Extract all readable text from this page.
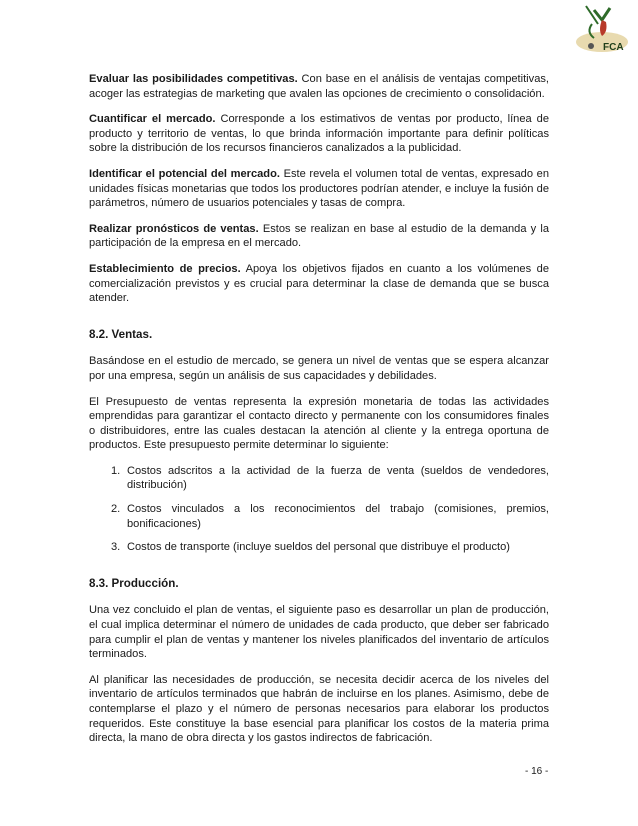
FCA

Evaluar las posibilidades competitivas. Con base en el análisis de ventajas competitivas, acoger las estrategias de marketing que avalen las opciones de crecimiento o consolidación.

Cuantificar el mercado. Corresponde a los estimativos de ventas por producto, línea de producto y territorio de ventas, lo que brinda información importante para definir políticas sobre la distribución de los recursos financieros canalizados a la publicidad.

Identificar el potencial del mercado. Este revela el volumen total de ventas, expresado en unidades físicas monetarias que todos los productores podrían atender, e incluye la fusión de parámetros, número de usuarios potenciales y tasas de compra.

Realizar pronósticos de ventas. Estos se realizan en base al estudio de la demanda y la participación de la empresa en el mercado.

Establecimiento de precios. Apoya los objetivos fijados en cuanto a los volúmenes de comercialización previstos y es crucial para determinar la clase de demanda que se busca atender.

8.2. Ventas.

Basándose en el estudio de mercado, se genera un nivel de ventas que se espera alcanzar por una empresa, según un análisis de sus capacidades y debilidades.

El Presupuesto de ventas representa la expresión monetaria de todas las actividades emprendidas para garantizar el contacto directo y permanente con los consumidores finales o distribuidores, entre las cuales destacan la atención al cliente y la entrega oportuna de productos. Este presupuesto permite determinar lo siguiente:

1. Costos adscritos a la actividad de la fuerza de venta (sueldos de vendedores, distribución)
2. Costos vinculados a los reconocimientos del trabajo (comisiones, premios, bonificaciones)
3. Costos de transporte (incluye sueldos del personal que distribuye el producto)
8.3. Producción.

Una vez concluido el plan de ventas, el siguiente paso es desarrollar un plan de producción, el cual implica determinar el número de unidades de cada producto, que deber ser fabricado para cumplir el plan de ventas y mantener los niveles planificados del inventario de artículos terminados.

Al planificar las necesidades de producción, se necesita decidir acerca de los niveles del inventario de artículos terminados que habrán de incluirse en los planes. Asimismo, debe de contemplarse el plazo y el número de personas necesarios para elaborar los productos requeridos. Este constituye la base esencial para planificar los costos de la materia prima directa, la mano de obra directa y los gastos indirectos de fabricación.

- 16 -
